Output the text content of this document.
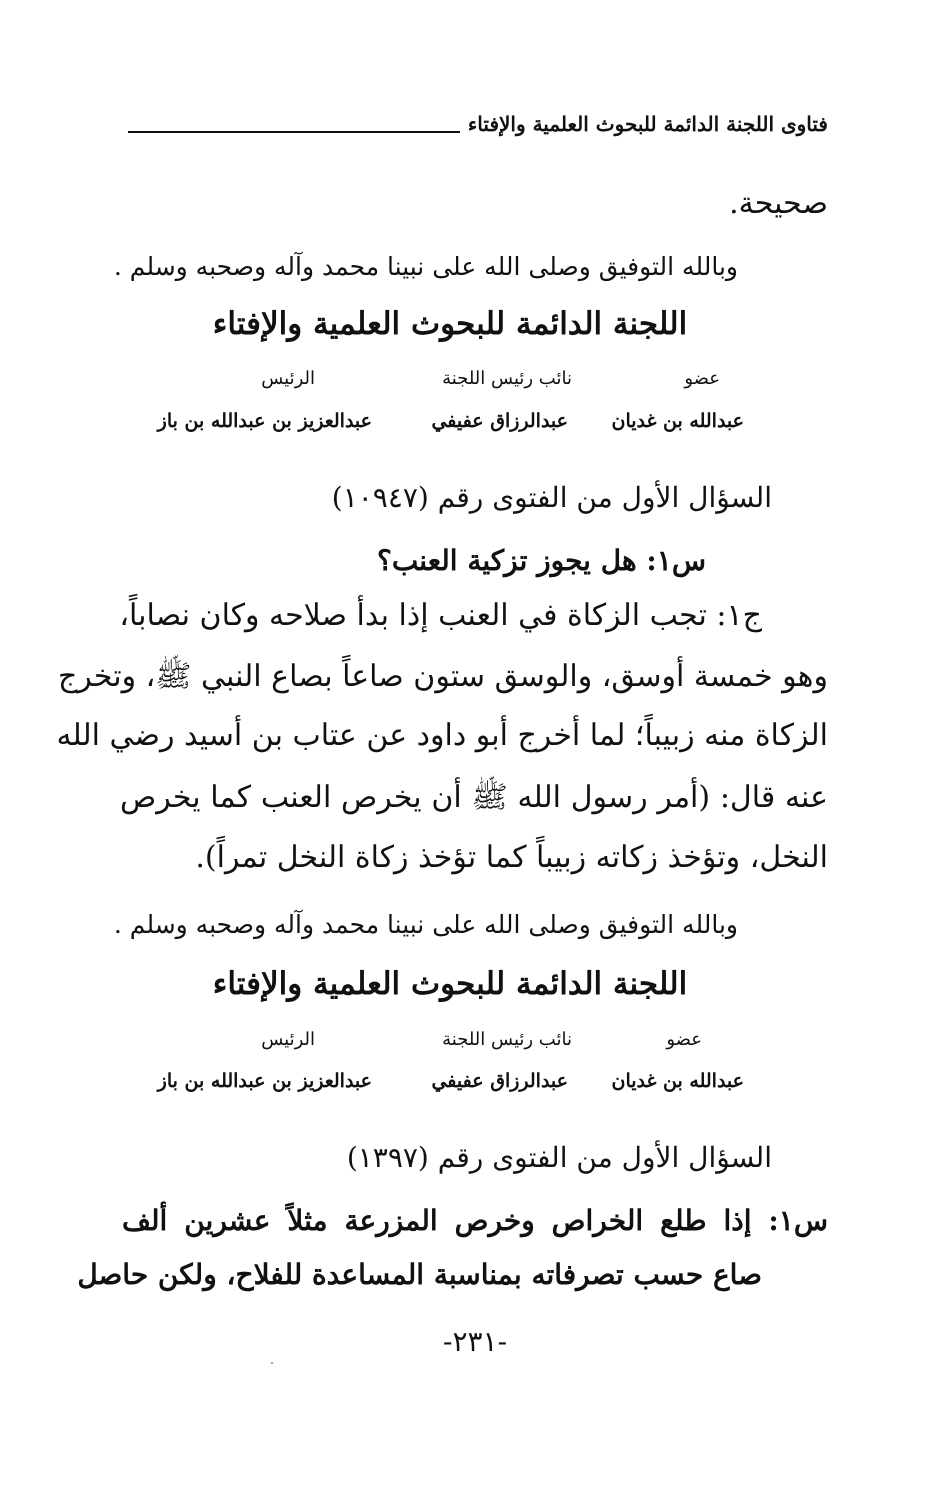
فتاوى اللجنة الدائمة للبحوث العلمية والإفتاء
صحيحة.
وبالله التوفيق وصلى الله على نبينا محمد وآله وصحبه وسلم .
اللجنة الدائمة للبحوث العلمية والإفتاء
عضو
نائب رئيس اللجنة
الرئيس
عبدالله بن غديان
عبدالرزاق عفيفي
عبدالعزيز بن عبدالله بن باز
السؤال الأول من الفتوى رقم (١٠٩٤٧)
س١: هل يجوز تزكية العنب؟
ج١: تجب الزكاة في العنب إذا بدأ صلاحه وكان نصاباً،
وهو خمسة أوسق، والوسق ستون صاعاً بصاع النبي ﷺ، وتخرج
الزكاة منه زبيباً؛ لما أخرج أبو داود عن عتاب بن أسيد رضي الله
عنه قال: (أمر رسول الله ﷺ أن يخرص العنب كما يخرص
النخل، وتؤخذ زكاته زبيباً كما تؤخذ زكاة النخل تمراً).
وبالله التوفيق وصلى الله على نبينا محمد وآله وصحبه وسلم .
اللجنة الدائمة للبحوث العلمية والإفتاء
عضو
نائب رئيس اللجنة
الرئيس
عبدالله بن غديان
عبدالرزاق عفيفي
عبدالعزيز بن عبدالله بن باز
السؤال الأول من الفتوى رقم (١٣٩٧)
س١: إذا طلع الخراص وخرص المزرعة مثلاً عشرين ألف
صاع حسب تصرفاته بمناسبة المساعدة للفلاح، ولكن حاصل
-٢٣١-
